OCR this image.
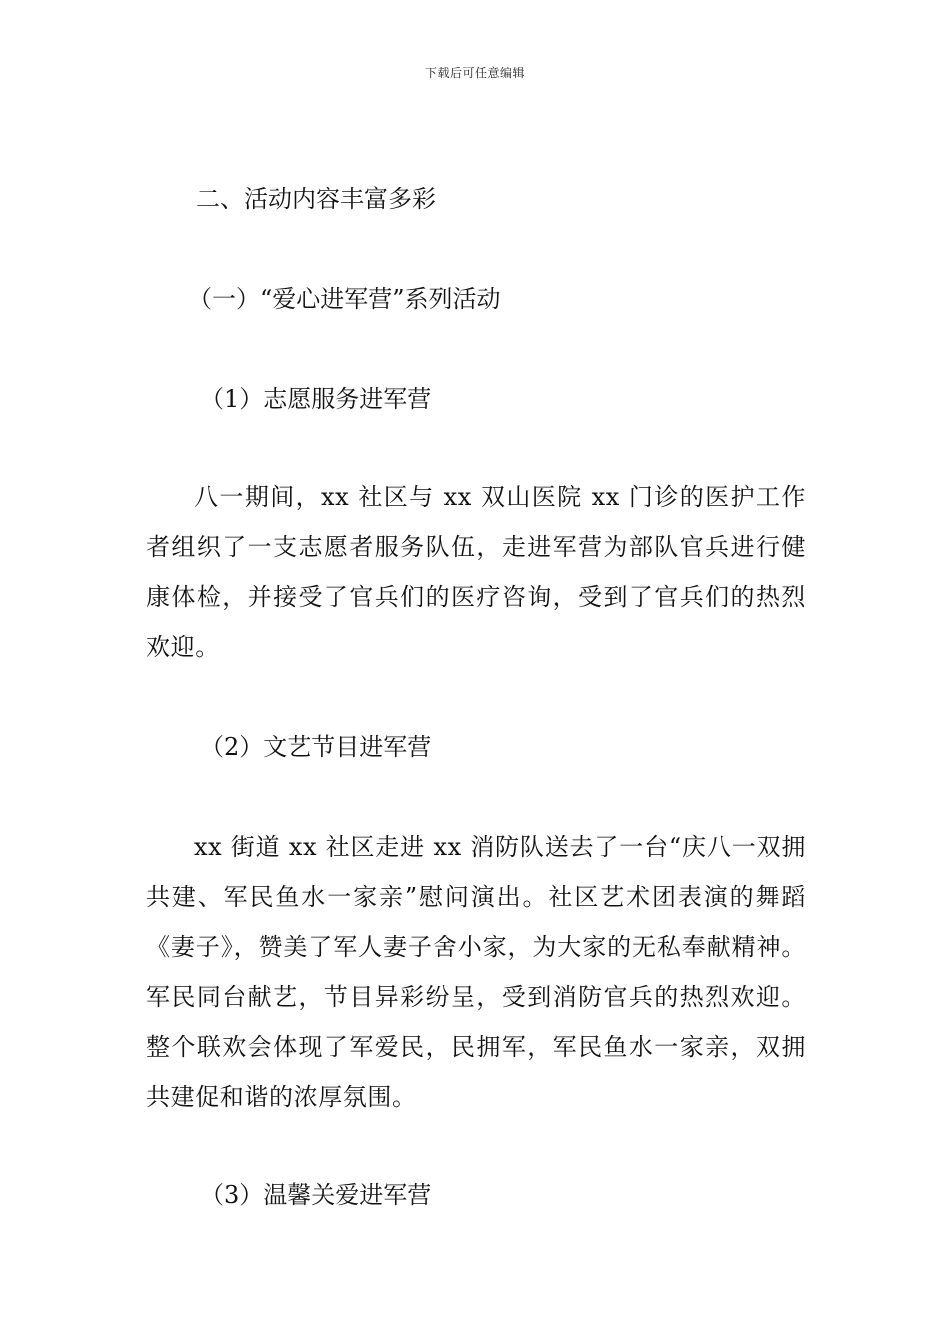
下载后可任意编辑
二、活动内容丰富多彩
（一）“爱心进军营”系列活动
（1）志愿服务进军营

八一期间，xx 社区与 xx 双山医院 xx 门诊的医护工作者组织了一支志愿者服务队伍，走进军营为部队官兵进行健康体检，并接受了官兵们的医疗咨询，受到了官兵们的热烈欢迎。

（2）文艺节目进军营

xx 街道 xx 社区走进 xx 消防队送去了一台“庆八一双拥共建、军民鱼水一家亲”慰问演出。社区艺术团表演的舞蹈《妻子》，赞美了军人妻子舍小家，为大家的无私奉献精神。军民同台献艺，节目异彩纷呈，受到消防官兵的热烈欢迎。整个联欢会体现了军爱民，民拥军，军民鱼水一家亲，双拥共建促和谐的浓厚氛围。

（3）温馨关爱进军营
